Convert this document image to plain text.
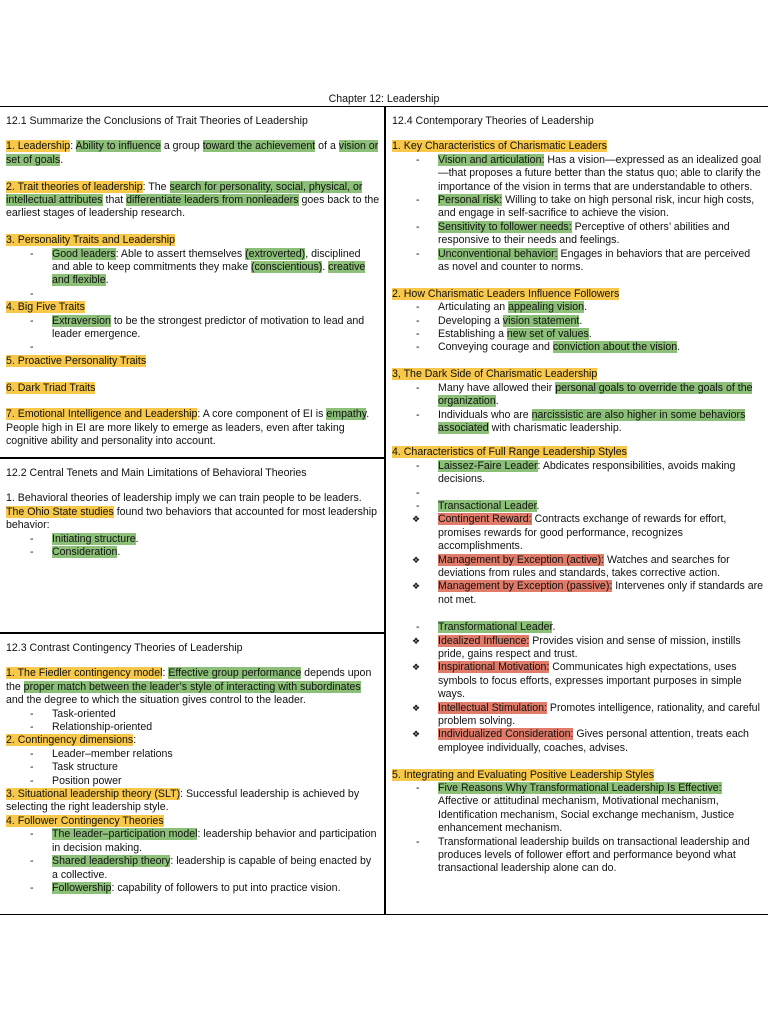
Chapter 12: Leadership
12.1 Summarize the Conclusions of Trait Theories of Leadership

1. Leadership: Ability to influence a group toward the achievement of a vision or set of goals.

2. Trait theories of leadership: The search for personality, social, physical, or intellectual attributes that differentiate leaders from nonleaders goes back to the earliest stages of leadership research.

3. Personality Traits and Leadership

- Good leaders: Able to assert themselves (extroverted), disciplined and able to keep commitments they make (conscientious). creative and flexible.
-

4. Big Five Traits

- Extraversion to be the strongest predictor of motivation to lead and leader emergence.
-

5. Proactive Personality Traits

6. Dark Triad Traits

7. Emotional Intelligence and Leadership: A core component of EI is empathy. People high in EI are more likely to emerge as leaders, even after taking cognitive ability and personality into account.

12.2 Central Tenets and Main Limitations of Behavioral Theories

1. Behavioral theories of leadership imply we can train people to be leaders. The Ohio State studies found two behaviors that accounted for most leadership behavior:

- Initiating structure.
- Consideration.
12.3 Contrast Contingency Theories of Leadership

1. The Fiedler contingency model: Effective group performance depends upon the proper match between the leader’s style of interacting with subordinates and the degree to which the situation gives control to the leader.

- Task-oriented
- Relationship-oriented

2. Contingency dimensions:

- Leader–member relations
- Task structure
- Position power

3. Situational leadership theory (SLT): Successful leadership is achieved by selecting the right leadership style.

4. Follower Contingency Theories

- The leader–participation model: leadership behavior and participation in decision making.
- Shared leadership theory: leadership is capable of being enacted by a collective.
- Followership: capability of followers to put into practice vision.
12.4 Contemporary Theories of Leadership

1. Key Characteristics of Charismatic Leaders

- Vision and articulation: Has a vision—expressed as an idealized goal—that proposes a future better than the status quo; able to clarify the importance of the vision in terms that are understandable to others.
- Personal risk: Willing to take on high personal risk, incur high costs, and engage in self-sacrifice to achieve the vision.
- Sensitivity to follower needs: Perceptive of others’ abilities and responsive to their needs and feelings.
- Unconventional behavior: Engages in behaviors that are perceived as novel and counter to norms.

2. How Charismatic Leaders Influence Followers

- Articulating an appealing vision.
- Developing a vision statement.
- Establishing a new set of values.
- Conveying courage and conviction about the vision.

3, The Dark Side of Charismatic Leadership

- Many have allowed their personal goals to override the goals of the organization.
- Individuals who are narcissistic are also higher in some behaviors associated with charismatic leadership.

4. Characteristics of Full Range Leadership Styles

- Laissez-Faire Leader: Abdicates responsibilities, avoids making decisions.
-
- Transactional Leader.
❖ Contingent Reward: Contracts exchange of rewards for effort, promises rewards for good performance, recognizes accomplishments.
❖ Management by Exception (active): Watches and searches for deviations from rules and standards, takes corrective action.
❖ Management by Exception (passive): Intervenes only if standards are not met.
- Transformational Leader.
❖ Idealized Influence: Provides vision and sense of mission, instills pride, gains respect and trust.
❖ Inspirational Motivation: Communicates high expectations, uses symbols to focus efforts, expresses important purposes in simple ways.
❖ Intellectual Stimulation: Promotes intelligence, rationality, and careful problem solving.
❖ Individualized Consideration: Gives personal attention, treats each employee individually, coaches, advises.

5. Integrating and Evaluating Positive Leadership Styles

- Five Reasons Why Transformational Leadership Is Effective: Affective or attitudinal mechanism, Motivational mechanism, Identification mechanism, Social exchange mechanism, Justice enhancement mechanism.
- Transformational leadership builds on transactional leadership and produces levels of follower effort and performance beyond what transactional leadership alone can do.
